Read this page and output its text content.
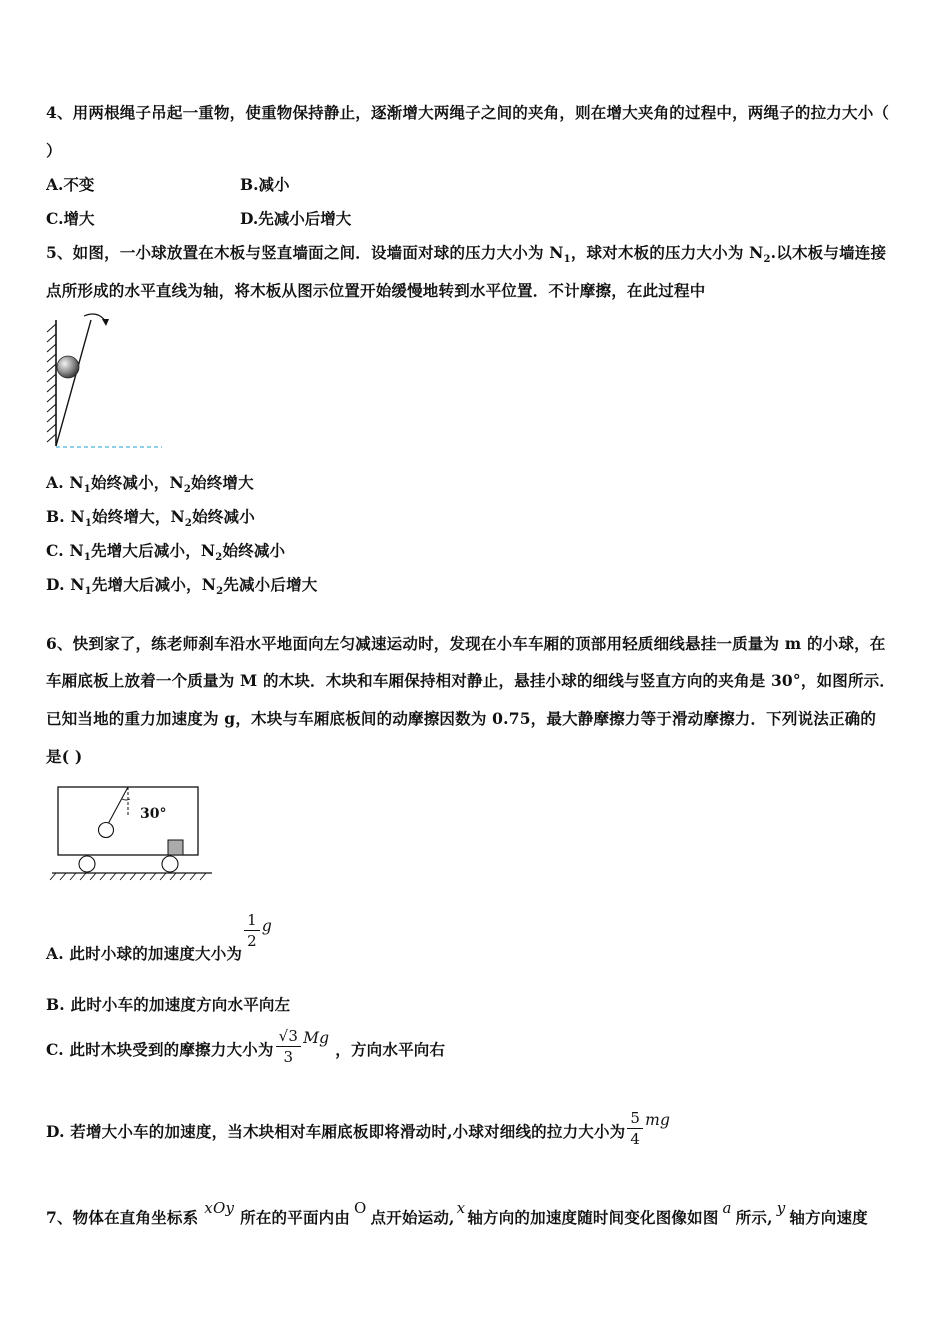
4、用两根绳子吊起一重物，使重物保持静止，逐渐增大两绳子之间的夹角，则在增大夹角的过程中，两绳子的拉力大小（
）
A.不变	B.减小
C.增大	D.先减小后增大
5、如图，一小球放置在木板与竖直墙面之间．设墙面对球的压力大小为 $N_1$，球对木板的压力大小为 $N_2$.以木板与墙连接
点所形成的水平直线为轴，将木板从图示位置开始缓慢地转到水平位置．不计摩擦，在此过程中
A. $N_1$始终减小，$N_2$始终增大
B. $N_1$始终增大，$N_2$始终减小
C. $N_1$先增大后减小，$N_2$始终减小
D. $N_1$先增大后减小，$N_2$先减小后增大
6、快到家了，练老师刹车沿水平地面向左匀减速运动时，发现在小车车厢的顶部用轻质细线悬挂一质量为 m 的小球，在
车厢底板上放着一个质量为 M 的木块．木块和车厢保持相对静止，悬挂小球的细线与竖直方向的夹角是 30°，如图所示．
已知当地的重力加速度为 g，木块与车厢底板间的动摩擦因数为 0.75，最大静摩擦力等于滑动摩擦力．下列说法正确的
是( )
30°
A. 此时小球的加速度大小为
$\frac{1}{2}$ g
B. 此时小车的加速度方向水平向左
C. 此时木块受到的摩擦力大小为 $\frac{√3}{3}$ Mg，方向水平向右
D. 若增大小车的加速度，当木块相对车厢底板即将滑动时,小球对细线的拉力大小为 $\frac{5}{4}$ mg
7、物体在直角坐标系 xOy 所在的平面内由 O 点开始运动, x 轴方向的加速度随时间变化图像如图 a 所示, y 轴方向速度
